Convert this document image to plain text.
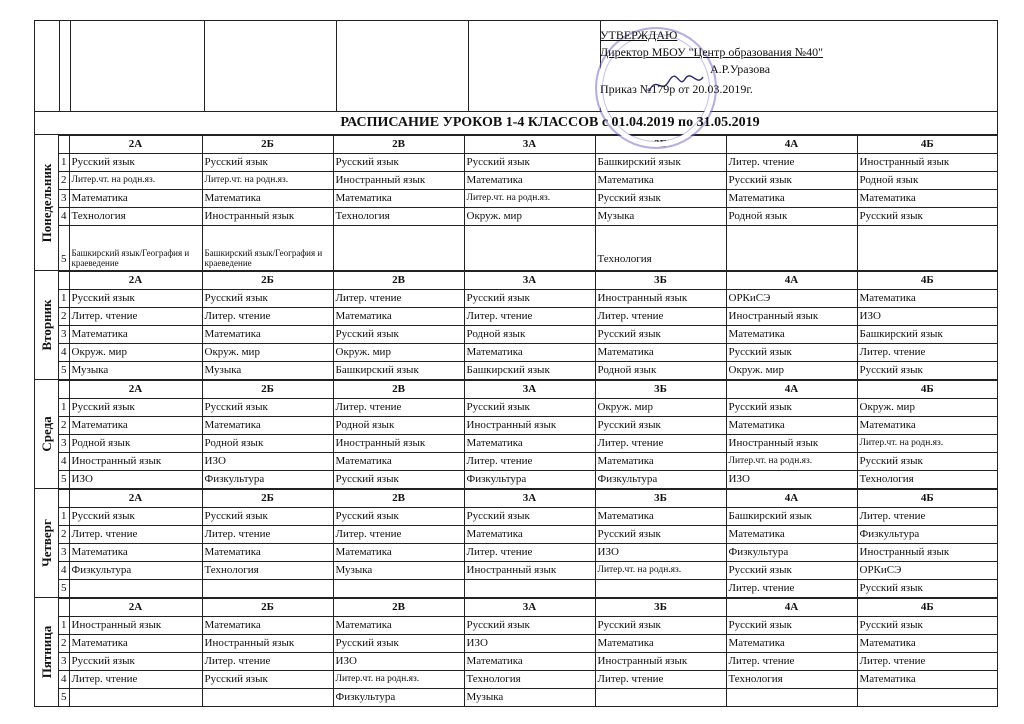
УТВЕРЖДАЮ
Директор МБОУ "Центр образования №40"
А.Р.Уразова
Приказ №179р от 20.03.2019г.
РАСПИСАНИЕ УРОКОВ 1-4 КЛАССОВ с 01.04.2019 по 31.05.2019
Понедельник
	2А	2Б	2В	3А	3Б	4А	4Б
1	Русский язык	Русский язык	Русский язык	Русский язык	Башкирский язык	Литер. чтение	Иностранный язык
2	Литер.чт. на родн.яз.	Литер.чт. на родн.яз.	Иностранный язык	Математика	Математика	Русский язык	Родной язык
3	Математика	Математика	Математика	Литер.чт. на родн.яз.	Русский язык	Математика	Математика
4	Технология	Иностранный язык	Технология	Окруж. мир	Музыка	Родной язык	Русский язык
5	Башкирский язык/География и краеведение	Башкирский язык/География и краеведение			Технология		
Вторник
	2А	2Б	2В	3А	3Б	4А	4Б
1	Русский язык	Русский язык	Литер. чтение	Русский язык	Иностранный язык	ОРКиСЭ	Математика
2	Литер. чтение	Литер. чтение	Математика	Литер. чтение	Литер. чтение	Иностранный язык	ИЗО
3	Математика	Математика	Русский язык	Родной язык	Русский язык	Математика	Башкирский язык
4	Окруж. мир	Окруж. мир	Окруж. мир	Математика	Математика	Русский язык	Литер. чтение
5	Музыка	Музыка	Башкирский язык	Башкирский язык	Родной язык	Окруж. мир	Русский язык
Среда
	2А	2Б	2В	3А	3Б	4А	4Б
1	Русский язык	Русский язык	Литер. чтение	Русский язык	Окруж. мир	Русский язык	Окруж. мир
2	Математика	Математика	Родной язык	Иностранный язык	Русский язык	Математика	Математика
3	Родной язык	Родной язык	Иностранный язык	Математика	Литер. чтение	Иностранный язык	Литер.чт. на родн.яз.
4	Иностранный язык	ИЗО	Математика	Литер. чтение	Математика	Литер.чт. на родн.яз.	Русский язык
5	ИЗО	Физкультура	Русский язык	Физкультура	Физкультура	ИЗО	Технология
Четверг
	2А	2Б	2В	3А	3Б	4А	4Б
1	Русский язык	Русский язык	Русский язык	Русский язык	Математика	Башкирский язык	Литер. чтение
2	Литер. чтение	Литер. чтение	Литер. чтение	Математика	Русский язык	Математика	Физкультура
3	Математика	Математика	Математика	Литер. чтение	ИЗО	Физкультура	Иностранный язык
4	Физкультура	Технология	Музыка	Иностранный язык	Литер.чт. на родн.яз.	Русский язык	ОРКиСЭ
5						Литер. чтение	Русский язык
Пятница
	2А	2Б	2В	3А	3Б	4А	4Б
1	Иностранный язык	Математика	Математика	Русский язык	Русский язык	Русский язык	Русский язык
2	Математика	Иностранный язык	Русский язык	ИЗО	Математика	Математика	Математика
3	Русский язык	Литер. чтение	ИЗО	Математика	Иностранный язык	Литер. чтение	Литер. чтение
4	Литер. чтение	Русский язык	Литер.чт. на родн.яз.	Технология	Литер. чтение	Технология	Математика
5			Физкультура	Музыка			
